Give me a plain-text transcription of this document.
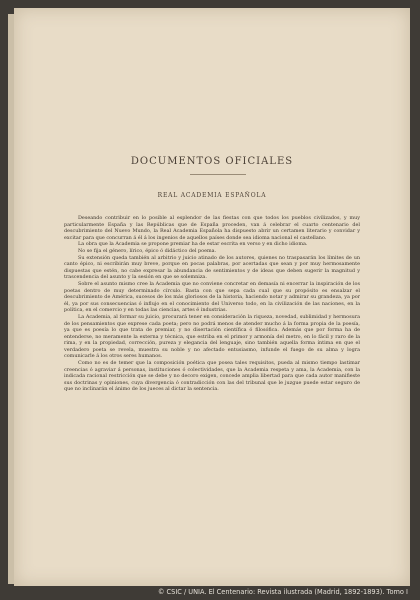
DOCUMENTOS OFICIALES
REAL ACADEMIA ESPAÑOLA

Deseando contribuir en lo posible al esplendor de las fiestas con que todos los pueblos civilizados, y muy particularmente España y las Repúblicas que de España proceden, van á celebrar el cuarto centenario del descubrimiento del Nuevo Mundo, la Real Academia Española ha dispuesto abrir un certamen literario y convidar y excitar para que concurran á él á los ingenios de aquellos países donde sea idioma nacional el castellano.

La obra que la Academia se propone premiar ha de estar escrita en verso y en dicho idioma.

No se fija el género, lírico, épico ó didáctico del poema.

Su extensión queda también al arbitrio y juicio atinado de los autores, quienes no traspasarán los límites de un canto épico, ni escribirán muy breve, porque en pocas palabras, por acertadas que sean y por muy hermosamente dispuestas que estén, no cabe expresar la abundancia de sentimientos y de ideas que deben sugerir la magnitud y trascendencia del asunto y la sesión en que se solemniza.

Sobre el asunto mismo cree la Academia que no conviene concretar en demasía ni encerrar la inspiración de los poetas dentro de muy determinado círculo. Basta con que sepa cada cual que su propósito es ensalzar el descubrimiento de América, sucesos de los más gloriosos de la historia, haciendo notar y admirar su grandeza, ya por él, ya por sus consecuencias ó influjo en el conocimiento del Universo todo, en la civilización de las naciones, en la política, en el comercio y en todas las ciencias, artes é industrias.

La Academia, al formar su juicio, procurará tener en consideración la riqueza, novedad, sublimidad y hermosura de los pensamientos que exprese cada poeta; pero no podrá menos de atender mucho á la forma propia de la poesía, ya que es poesía lo que trata de premiar, y no disertación científica ó filosófica. Además que por forma ha de entenderse, no meramente la externa y técnica, que estriba en el primor y armonía del metro, en lo fácil y raro de la rima, y en la propiedad, corrección, pureza y elegancia del lenguaje, sino también aquella forma íntima en que el verdadero poeta se revela, muestra su noble y no afectado entusiasmo, infunde el fuego de su alma y logra comunicarle á los otros seres humanos.

Como no es de temer que la composición poética que posea tales requisitos, pueda al mismo tiempo lastimar creencias ó agraviar á personas, instituciones ó colectividades, que la Academia respeta y ama, la Academia, con la indicada racional restricción que se debe y no decoro exigen, concede amplia libertad para que cada autor manifieste sus doctrinas y opiniones, cuya divergencia ó contradicción con las del tribunal que le juzgue puede estar seguro de que no inclinarán el ánimo de los jueces al dictar la sentencia.

© CSIC / UNIA. El Centenario: Revista ilustrada (Madrid, 1892-1893). Tomo I
